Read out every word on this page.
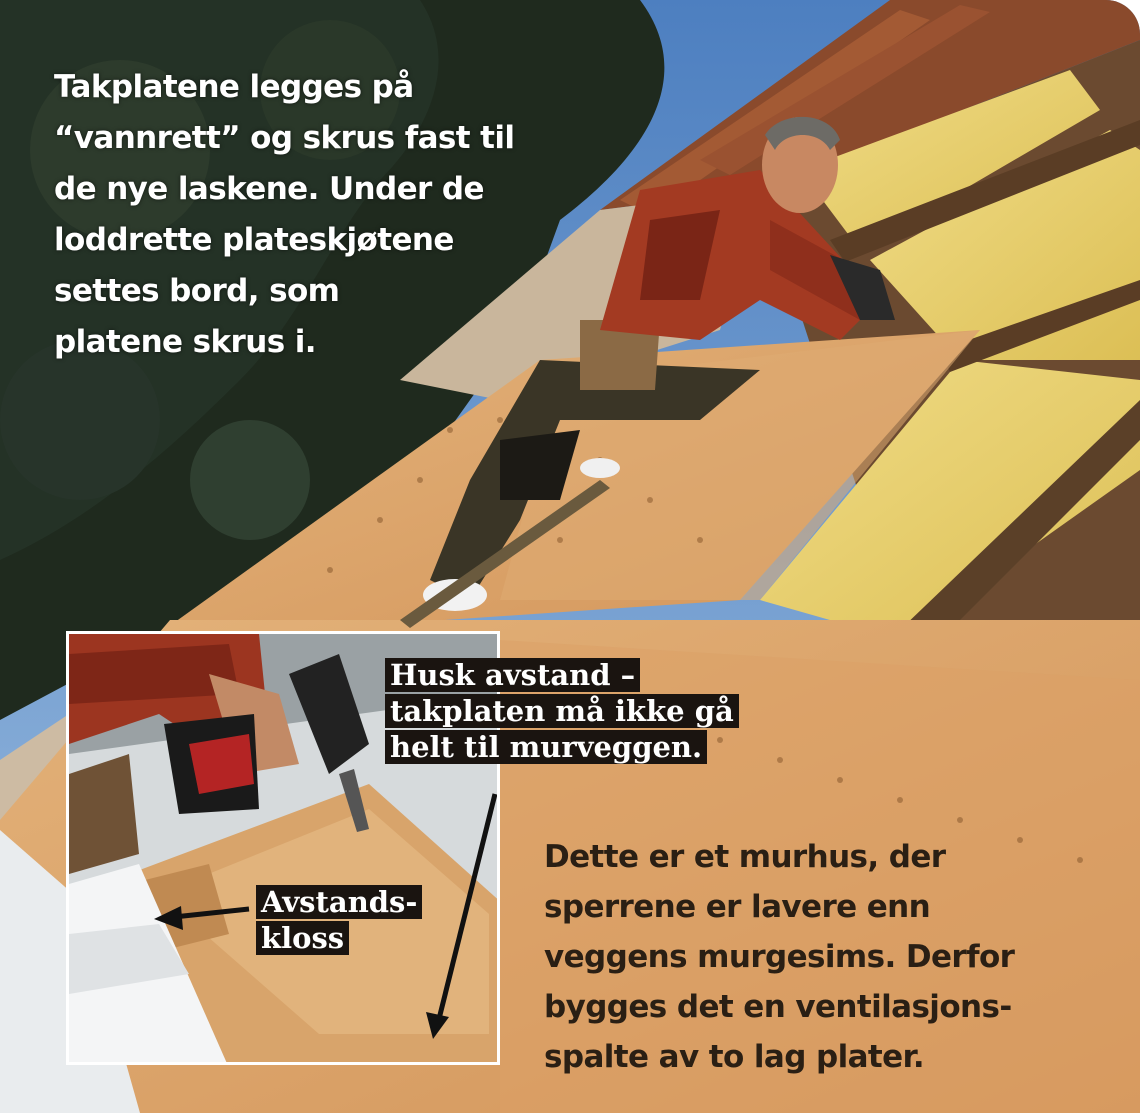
Takplatene legges på
“vannrett” og skrus fast til
de nye laskene. Under de
loddrette plateskjøtene
settes bord, som
platene skrus i.
Dette er et murhus, der
sperrene er lavere enn
veggens murgesims. Derfor
bygges det en ventilasjons-
spalte av to lag plater.
Husk avstand –
takplaten må ikke gå
helt til murveggen.
Avstands-
kloss
